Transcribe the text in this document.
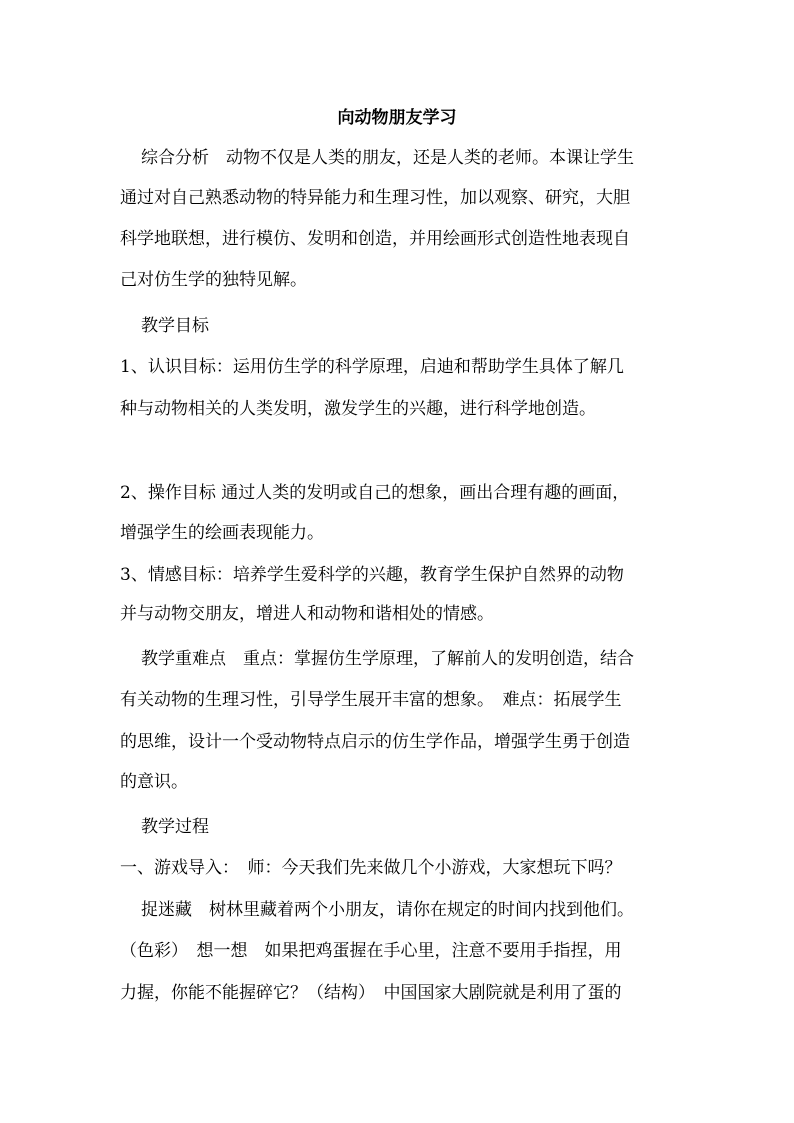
向动物朋友学习
综合分析　动物不仅是人类的朋友，还是人类的老师。本课让学生
通过对自己熟悉动物的特异能力和生理习性，加以观察、研究，大胆
科学地联想，进行模仿、发明和创造，并用绘画形式创造性地表现自
己对仿生学的独特见解。
教学目标
1、认识目标：运用仿生学的科学原理，启迪和帮助学生具体了解几
种与动物相关的人类发明，激发学生的兴趣，进行科学地创造。
2、操作目标 通过人类的发明或自己的想象，画出合理有趣的画面，
增强学生的绘画表现能力。
3、情感目标：培养学生爱科学的兴趣，教育学生保护自然界的动物
并与动物交朋友，增进人和动物和谐相处的情感。
教学重难点　重点：掌握仿生学原理，了解前人的发明创造，结合
有关动物的生理习性，引导学生展开丰富的想象。　难点：拓展学生
的思维，设计一个受动物特点启示的仿生学作品，增强学生勇于创造
的意识。
教学过程
一、游戏导入：　师：今天我们先来做几个小游戏，大家想玩下吗？
捉迷藏　树林里藏着两个小朋友，请你在规定的时间内找到他们。
（色彩）　想一想　如果把鸡蛋握在手心里，注意不要用手指捏，用
力握，你能不能握碎它？（结构）　中国国家大剧院就是利用了蛋的
